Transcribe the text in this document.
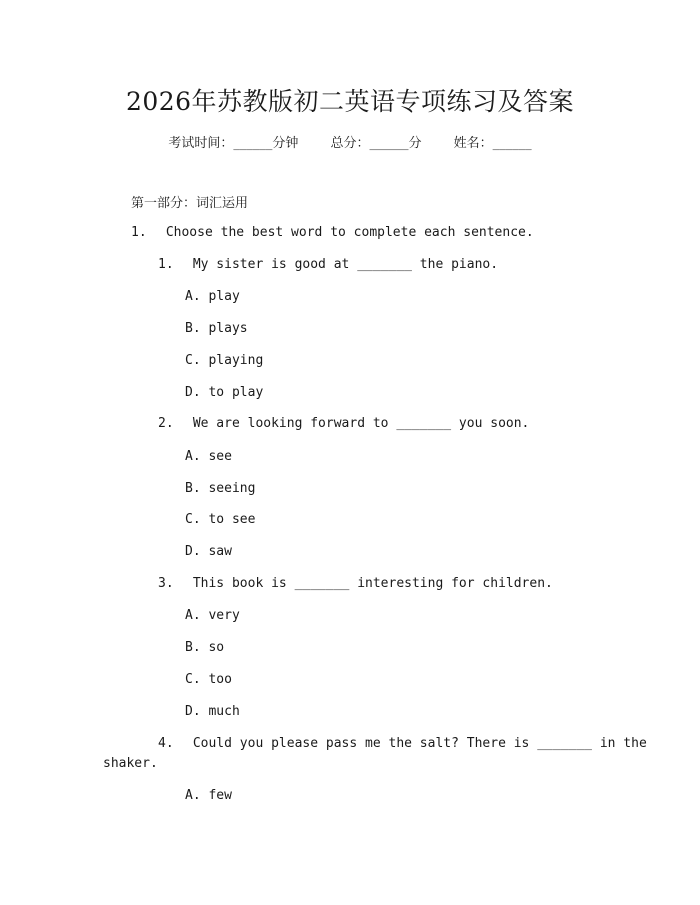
2026年苏教版初二英语专项练习及答案
考试时间：______分钟 总分：______分 姓名：______
第一部分：词汇运用
1. Choose the best word to complete each sentence.
1. My sister is good at _______ the piano.
A. play
B. plays
C. playing
D. to play
2. We are looking forward to _______ you soon.
A. see
B. seeing
C. to see
D. saw
3. This book is _______ interesting for children.
A. very
B. so
C. too
D. much
4. Could you please pass me the salt? There is _______ in the
shaker.
A. few
